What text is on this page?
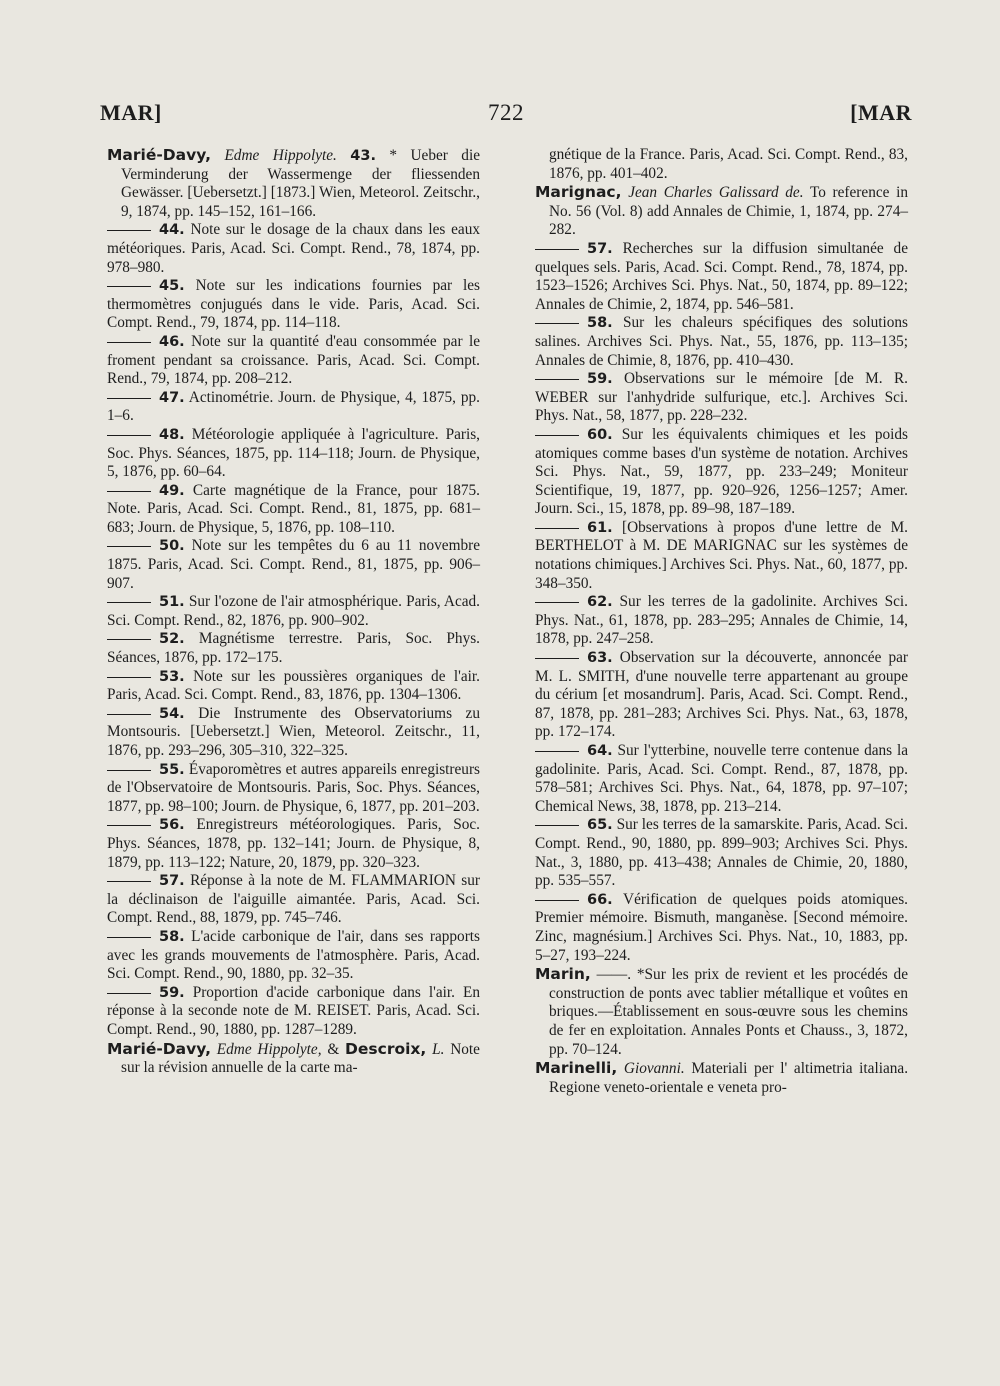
MAR]	722	[MAR

Marié-Davy, Edme Hippolyte. 43. * Ueber die Verminderung der Wassermenge der fliessenden Gewässer. [Uebersetzt.] [1873.] Wien, Meteorol. Zeitschr., 9, 1874, pp. 145–152, 161–166.

44. Note sur le dosage de la chaux dans les eaux météoriques. Paris, Acad. Sci. Compt. Rend., 78, 1874, pp. 978–980.

45. Note sur les indications fournies par les thermomètres conjugués dans le vide. Paris, Acad. Sci. Compt. Rend., 79, 1874, pp. 114–118.

46. Note sur la quantité d'eau consommée par le froment pendant sa croissance. Paris, Acad. Sci. Compt. Rend., 79, 1874, pp. 208–212.

47. Actinométrie. Journ. de Physique, 4, 1875, pp. 1–6.

48. Météorologie appliquée à l'agriculture. Paris, Soc. Phys. Séances, 1875, pp. 114–118; Journ. de Physique, 5, 1876, pp. 60–64.

49. Carte magnétique de la France, pour 1875. Note. Paris, Acad. Sci. Compt. Rend., 81, 1875, pp. 681–683; Journ. de Physique, 5, 1876, pp. 108–110.

50. Note sur les tempêtes du 6 au 11 novembre 1875. Paris, Acad. Sci. Compt. Rend., 81, 1875, pp. 906–907.

51. Sur l'ozone de l'air atmosphérique. Paris, Acad. Sci. Compt. Rend., 82, 1876, pp. 900–902.

52. Magnétisme terrestre. Paris, Soc. Phys. Séances, 1876, pp. 172–175.

53. Note sur les poussières organiques de l'air. Paris, Acad. Sci. Compt. Rend., 83, 1876, pp. 1304–1306.

54. Die Instrumente des Observatoriums zu Montsouris. [Uebersetzt.] Wien, Meteorol. Zeitschr., 11, 1876, pp. 293–296, 305–310, 322–325.

55. Évaporomètres et autres appareils enregistreurs de l'Observatoire de Montsouris. Paris, Soc. Phys. Séances, 1877, pp. 98–100; Journ. de Physique, 6, 1877, pp. 201–203.

56. Enregistreurs météorologiques. Paris, Soc. Phys. Séances, 1878, pp. 132–141; Journ. de Physique, 8, 1879, pp. 113–122; Nature, 20, 1879, pp. 320–323.

57. Réponse à la note de M. FLAMMARION sur la déclinaison de l'aiguille aimantée. Paris, Acad. Sci. Compt. Rend., 88, 1879, pp. 745–746.

58. L'acide carbonique de l'air, dans ses rapports avec les grands mouvements de l'atmosphère. Paris, Acad. Sci. Compt. Rend., 90, 1880, pp. 32–35.

59. Proportion d'acide carbonique dans l'air. En réponse à la seconde note de M. REISET. Paris, Acad. Sci. Compt. Rend., 90, 1880, pp. 1287–1289.

Marié-Davy, Edme Hippolyte, & Descroix, L. Note sur la révision annuelle de la carte ma-

gnétique de la France. Paris, Acad. Sci. Compt. Rend., 83, 1876, pp. 401–402.

Marignac, Jean Charles Galissard de. To reference in No. 56 (Vol. 8) add Annales de Chimie, 1, 1874, pp. 274–282.

57. Recherches sur la diffusion simultanée de quelques sels. Paris, Acad. Sci. Compt. Rend., 78, 1874, pp. 1523–1526; Archives Sci. Phys. Nat., 50, 1874, pp. 89–122; Annales de Chimie, 2, 1874, pp. 546–581.

58. Sur les chaleurs spécifiques des solutions salines. Archives Sci. Phys. Nat., 55, 1876, pp. 113–135; Annales de Chimie, 8, 1876, pp. 410–430.

59. Observations sur le mémoire [de M. R. WEBER sur l'anhydride sulfurique, etc.]. Archives Sci. Phys. Nat., 58, 1877, pp. 228–232.

60. Sur les équivalents chimiques et les poids atomiques comme bases d'un système de notation. Archives Sci. Phys. Nat., 59, 1877, pp. 233–249; Moniteur Scientifique, 19, 1877, pp. 920–926, 1256–1257; Amer. Journ. Sci., 15, 1878, pp. 89–98, 187–189.

61. [Observations à propos d'une lettre de M. BERTHELOT à M. DE MARIGNAC sur les systèmes de notations chimiques.] Archives Sci. Phys. Nat., 60, 1877, pp. 348–350.

62. Sur les terres de la gadolinite. Archives Sci. Phys. Nat., 61, 1878, pp. 283–295; Annales de Chimie, 14, 1878, pp. 247–258.

63. Observation sur la découverte, annoncée par M. L. SMITH, d'une nouvelle terre appartenant au groupe du cérium [et mosandrum]. Paris, Acad. Sci. Compt. Rend., 87, 1878, pp. 281–283; Archives Sci. Phys. Nat., 63, 1878, pp. 172–174.

64. Sur l'ytterbine, nouvelle terre contenue dans la gadolinite. Paris, Acad. Sci. Compt. Rend., 87, 1878, pp. 578–581; Archives Sci. Phys. Nat., 64, 1878, pp. 97–107; Chemical News, 38, 1878, pp. 213–214.

65. Sur les terres de la samarskite. Paris, Acad. Sci. Compt. Rend., 90, 1880, pp. 899–903; Archives Sci. Phys. Nat., 3, 1880, pp. 413–438; Annales de Chimie, 20, 1880, pp. 535–557.

66. Vérification de quelques poids atomiques. Premier mémoire. Bismuth, manganèse. [Second mémoire. Zinc, magnésium.] Archives Sci. Phys. Nat., 10, 1883, pp. 5–27, 193–224.

Marin, ——. *Sur les prix de revient et les procédés de construction de ponts avec tablier métallique et voûtes en briques.—Établissement en sous-œuvre sous les chemins de fer en exploitation. Annales Ponts et Chauss., 3, 1872, pp. 70–124.

Marinelli, Giovanni. Materiali per l' altimetria italiana. Regione veneto-orientale e veneta pro-
